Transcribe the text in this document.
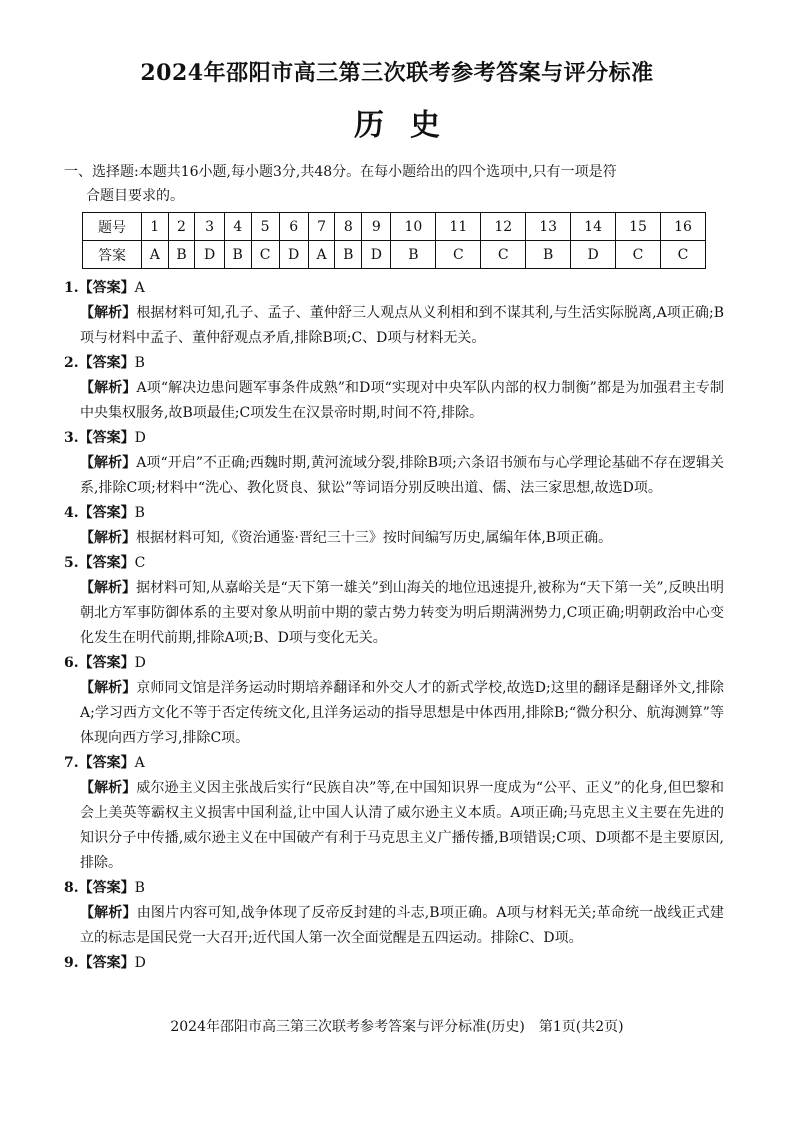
2024年邵阳市高三第三次联考参考答案与评分标准
历史
一、选择题:本题共16小题,每小题3分,共48分。在每小题给出的四个选项中,只有一项是符
合题目要求的。
题号	1	2	3	4	5	6	7	8	9	10	11	12	13	14	15	16
答案	A	B	D	B	C	D	A	B	D	B	C	C	B	D	C	C
1.【答案】A
【解析】根据材料可知,孔子、孟子、董仲舒三人观点从义利相和到不谋其利,与生活实际脱离,A项正确;B项与材料中孟子、董仲舒观点矛盾,排除B项;C、D项与材料无关。
2.【答案】B
【解析】A项“解决边患问题军事条件成熟”和D项“实现对中央军队内部的权力制衡”都是为加强君主专制中央集权服务,故B项最佳;C项发生在汉景帝时期,时间不符,排除。
3.【答案】D
【解析】A项“开启”不正确;西魏时期,黄河流域分裂,排除B项;六条诏书颁布与心学理论基础不存在逻辑关系,排除C项;材料中“洗心、教化贤良、狱讼”等词语分别反映出道、儒、法三家思想,故选D项。
4.【答案】B
【解析】根据材料可知,《资治通鉴·晋纪三十三》按时间编写历史,属编年体,B项正确。
5.【答案】C
【解析】据材料可知,从嘉峪关是“天下第一雄关”到山海关的地位迅速提升,被称为“天下第一关”,反映出明朝北方军事防御体系的主要对象从明前中期的蒙古势力转变为明后期满洲势力,C项正确;明朝政治中心变化发生在明代前期,排除A项;B、D项与变化无关。
6.【答案】D
【解析】京师同文馆是洋务运动时期培养翻译和外交人才的新式学校,故选D;这里的翻译是翻译外文,排除A;学习西方文化不等于否定传统文化,且洋务运动的指导思想是中体西用,排除B;“微分积分、航海测算”等体现向西方学习,排除C项。
7.【答案】A
【解析】威尔逊主义因主张战后实行“民族自决”等,在中国知识界一度成为“公平、正义”的化身,但巴黎和会上美英等霸权主义损害中国利益,让中国人认清了威尔逊主义本质。A项正确;马克思主义主要在先进的知识分子中传播,威尔逊主义在中国破产有利于马克思主义广播传播,B项错误;C项、D项都不是主要原因,排除。
8.【答案】B
【解析】由图片内容可知,战争体现了反帝反封建的斗志,B项正确。A项与材料无关;革命统一战线正式建立的标志是国民党一大召开;近代国人第一次全面觉醒是五四运动。排除C、D项。
9.【答案】D
2024年邵阳市高三第三次联考参考答案与评分标准(历史)　第1页(共2页)
